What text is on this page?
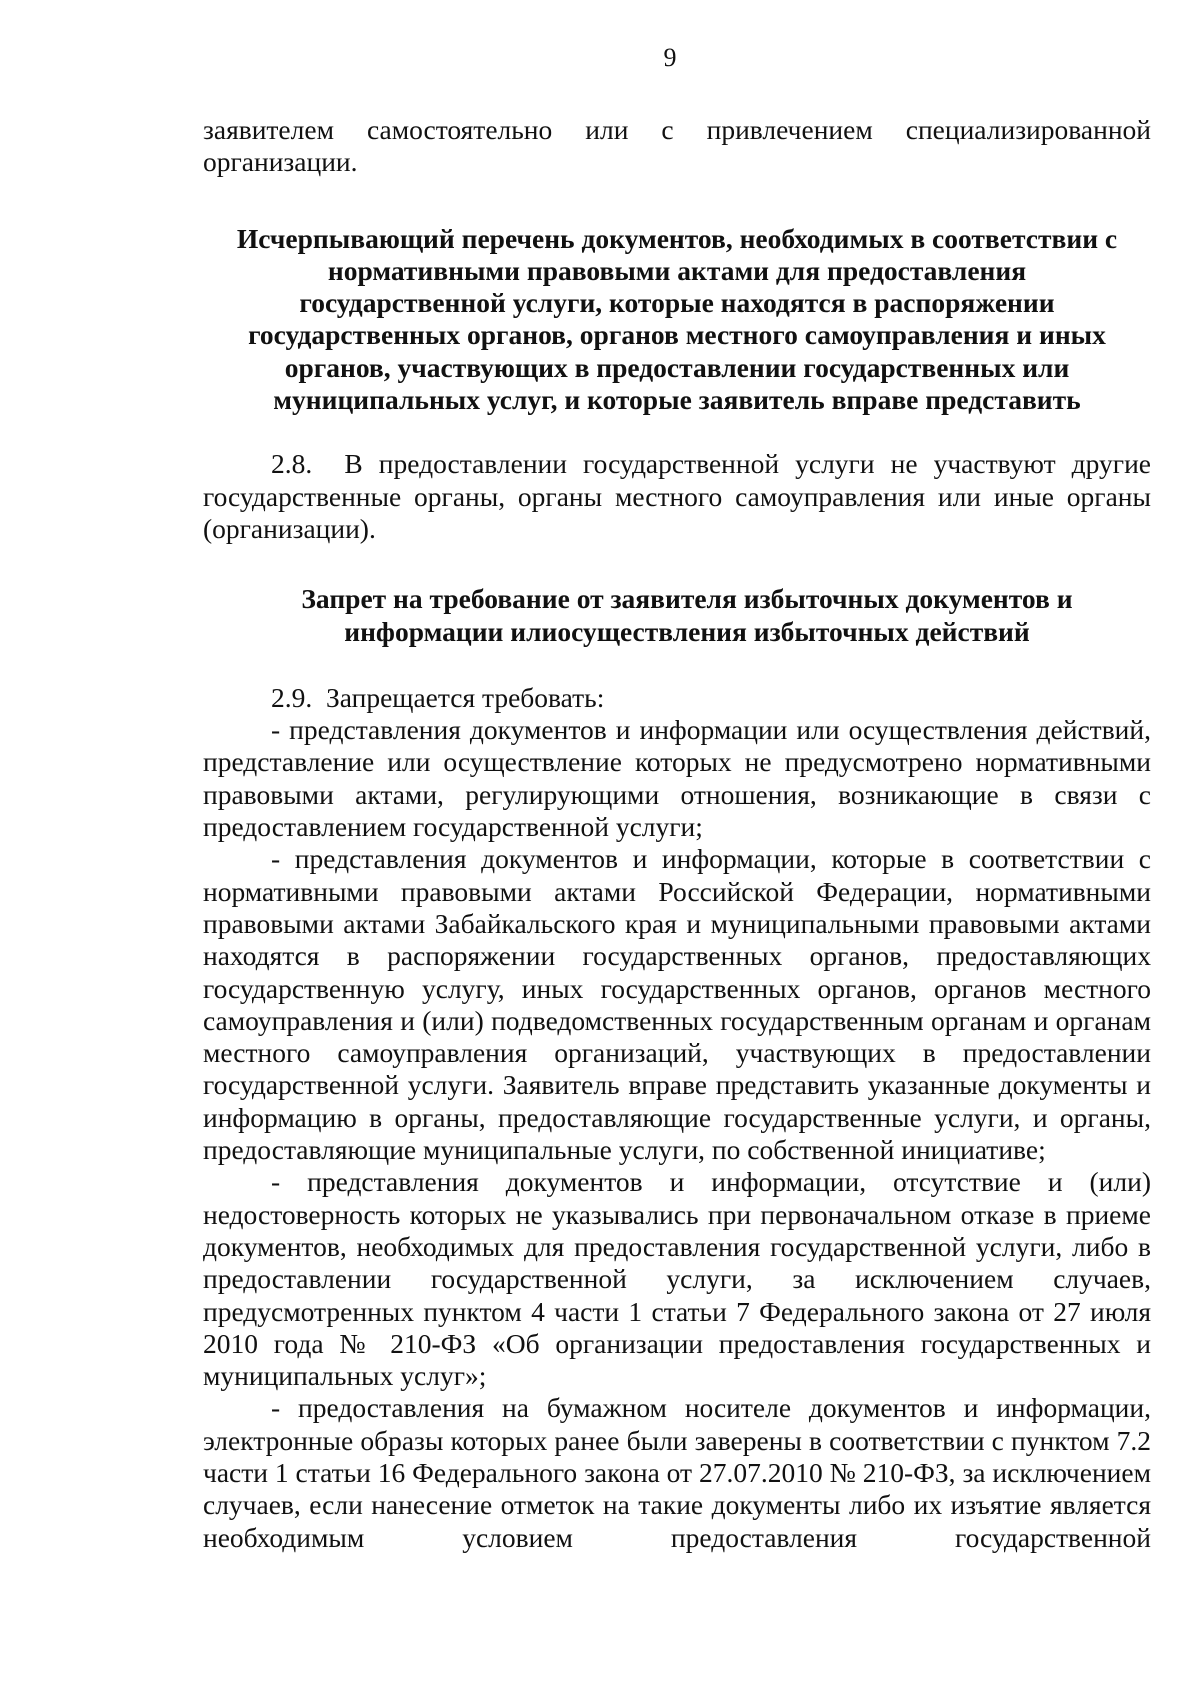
9

заявителем самостоятельно или с привлечением специализированной

организации.

Исчерпывающий перечень документов, необходимых в соответствии с нормативными правовыми актами для предоставления государственной услуги, которые находятся в распоряжении государственных органов, органов местного самоуправления и иных органов, участвующих в предоставлении государственных или муниципальных услуг, и которые заявитель вправе представить

2.8.  В предоставлении государственной услуги не участвуют другие государственные органы, органы местного самоуправления или иные органы (организации).

Запрет на требование от заявителя избыточных документов и информации илиосуществления избыточных действий

2.9.  Запрещается требовать:

- представления документов и информации или осуществления действий, представление или осуществление которых не предусмотрено нормативными правовыми актами, регулирующими отношения, возникающие в связи с предоставлением государственной услуги;

- представления документов и информации, которые в соответствии с нормативными правовыми актами Российской Федерации, нормативными правовыми актами Забайкальского края и муниципальными правовыми актами находятся в распоряжении государственных органов, предоставляющих государственную услугу, иных государственных органов, органов местного самоуправления и (или) подведомственных государственным органам и органам местного самоуправления организаций, участвующих в предоставлении государственной услуги. Заявитель вправе представить указанные документы и информацию в органы, предоставляющие государственные услуги, и органы, предоставляющие муниципальные услуги, по собственной инициативе;

- представления документов и информации, отсутствие и (или) недостоверность которых не указывались при первоначальном отказе в приеме документов, необходимых для предоставления государственной услуги, либо в предоставлении государственной услуги, за исключением случаев, предусмотренных пунктом 4 части 1 статьи 7 Федерального закона от 27 июля 2010 года № 210-ФЗ «Об организации предоставления государственных и муниципальных услуг»;

- предоставления на бумажном носителе документов и информации, электронные образы которых ранее были заверены в соответствии с пунктом 7.2 части 1 статьи 16 Федерального закона от 27.07.2010 № 210-ФЗ, за исключением случаев, если нанесение отметок на такие документы либо их изъятие является необходимым условием предоставления государственной
